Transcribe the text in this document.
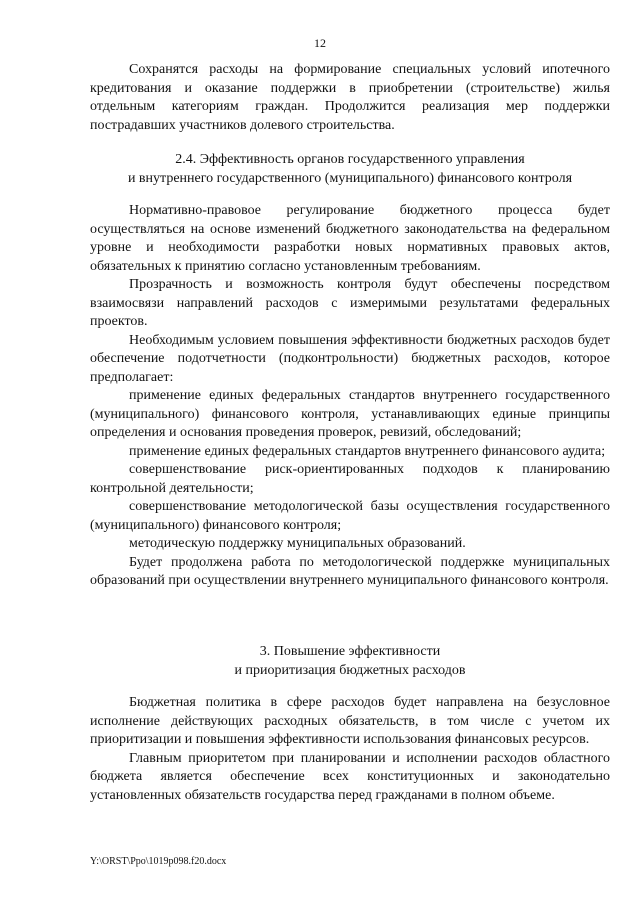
12

Сохранятся расходы на формирование специальных условий ипотечного кредитования и оказание поддержки в приобретении (строительстве) жилья отдельным категориям граждан. Продолжится реализация мер поддержки пострадавших участников долевого строительства.

2.4. Эффективность органов государственного управления
и внутреннего государственного (муниципального) финансового контроля

Нормативно-правовое регулирование бюджетного процесса будет осуществляться на основе изменений бюджетного законодательства на федеральном уровне и необходимости разработки новых нормативных правовых актов, обязательных к принятию согласно установленным требованиям.

Прозрачность и возможность контроля будут обеспечены посредством взаимосвязи направлений расходов с измеримыми результатами федеральных проектов.

Необходимым условием повышения эффективности бюджетных расходов будет обеспечение подотчетности (подконтрольности) бюджетных расходов, которое предполагает:

применение единых федеральных стандартов внутреннего государственного (муниципального) финансового контроля, устанавливающих единые принципы определения и основания проведения проверок, ревизий, обследований;

применение единых федеральных стандартов внутреннего финансового аудита;

совершенствование риск-ориентированных подходов к планированию контрольной деятельности;

совершенствование методологической базы осуществления государственного (муниципального) финансового контроля;

методическую поддержку муниципальных образований.

Будет продолжена работа по методологической поддержке муниципальных образований при осуществлении внутреннего муниципального финансового контроля.

3. Повышение эффективности
и приоритизация бюджетных расходов

Бюджетная политика в сфере расходов будет направлена на безусловное исполнение действующих расходных обязательств, в том числе с учетом их приоритизации и повышения эффективности использования финансовых ресурсов.

Главным приоритетом при планировании и исполнении расходов областного бюджета является обеспечение всех конституционных и законодательно установленных обязательств государства перед гражданами в полном объеме.

Y:\ORST\Ppo\1019p098.f20.docx
